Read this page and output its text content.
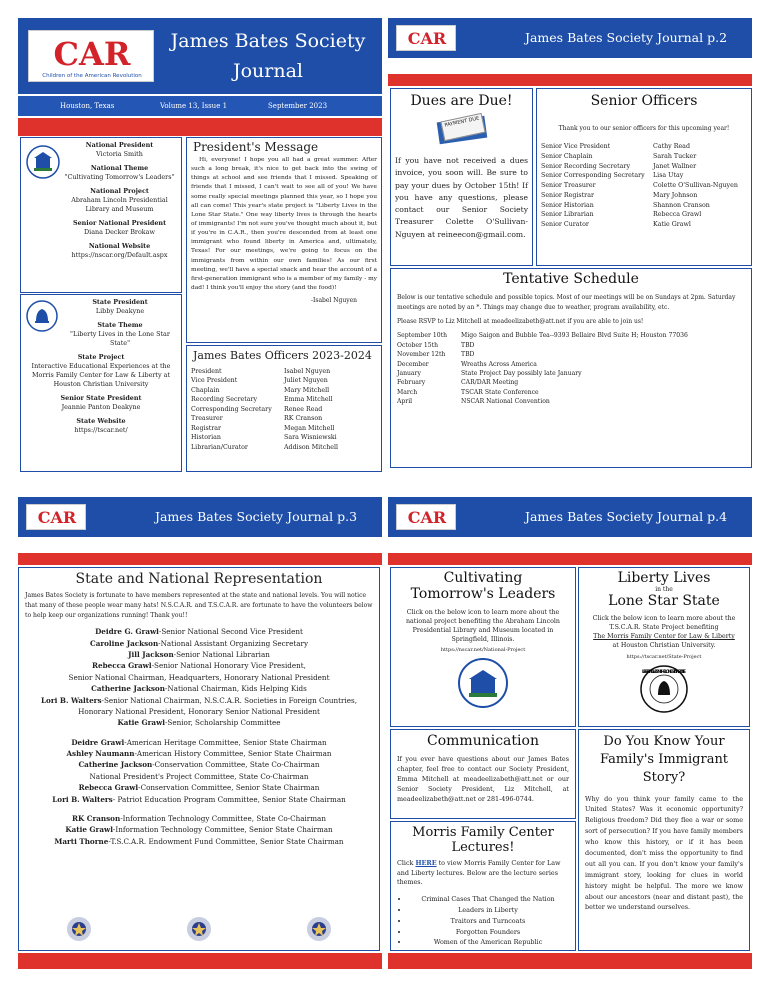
CAR
Children of the American Revolution
James Bates Society
Journal
Houston, Texas	Volume 13, Issue 1	September 2023
National President
Victoria Smith
National Theme
"Cultivating Tomorrow's Leaders"
National Project
Abraham Lincoln Presidential Library and Museum
Senior National President
Diana Decker Brokaw
National Website
https://nscar.org/Default.aspx
State President
Libby Deakyne
State Theme
"Liberty Lives in the Lone Star State"
State Project
Interactive Educational Experiences at the Morris Family Center for Law & Liberty at Houston Christian University
Senior State President
Jeannie Panton Deakyne
State Website
https://tscar.net/
President's Message
Hi, everyone! I hope you all had a great summer. After such a long break, it's nice to get back into the swing of things at school and see friends that I missed. Speaking of friends that I missed, I can't wait to see all of you! We have some really special meetings planned this year, so I hope you all can come! This year's state project is "Liberty Lives in the Lone Star State." One way liberty lives is through the hearts of immigrants! I'm not sure you've thought much about it, but if you're in C.A.R., then you're descended from at least one immigrant who found liberty in America and, ultimately, Texas! For our meetings, we're going to focus on the immigrants from within our own families! As our first meeting, we'll have a special snack and hear the account of a first-generation immigrant who is a member of my family - my dad! I think you'll enjoy the story (and the food)!
-Isabel Nguyen
James Bates Officers 2023-2024
President	Isabel Nguyen
Vice President	Juliet Nguyen
Chaplain	Mary Mitchell
Recording Secretary	Emma Mitchell
Corresponding Secretary	Renee Read
Treasurer	RK Cranson
Registrar	Megan Mitchell
Historian	Sara Wisniewski
Librarian/Curator	Addison Mitchell
James Bates Society Journal p.2
CAR
Dues are Due!
PAYMENT DUE
If you have not received a dues invoice, you soon will. Be sure to pay your dues by October 15th! If you have any questions, please contact our Senior Society Treasurer Colette O'Sullivan-Nguyen at reineecon@gmail.com.
Senior Officers
Thank you to our senior officers for this upcoming year!
Senior Vice President	Cathy Read
Senior Chaplain	Sarah Tucker
Senior Recording Secretary	Janet Wallner
Senior Corresponding Secretary	Lisa Utay
Senior Treasurer	Colette O'Sullivan-Nguyen
Senior Registrar	Mary Johnson
Senior Historian	Shannon Cranson
Senior Librarian	Rebecca Grawl
Senior Curator	Katie Grawl
Tentative Schedule
Below is our tentative schedule and possible topics. Most of our meetings will be on Sundays at 2pm. Saturday meetings are noted by an *. Things may change due to weather, program availability, etc.
Please RSVP to Liz Mitchell at meadeelizabeth@att.net if you are able to join us!
September 10th	Migo Saigon and Bubble Tea--9393 Bellaire Blvd Suite H; Houston 77036
October 15th	TBD
November 12th	TBD
December	Wreaths Across America
January	State Project Day possibly late January
February	CAR/DAR Meeting
March	TSCAR State Conference
April	NSCAR National Convention
James Bates Society Journal p.3
CAR
State and National Representation
James Bates Society is fortunate to have members represented at the state and national levels. You will notice that many of these people wear many hats! N.S.C.A.R. and T.S.C.A.R. are fortunate to have the volunteers below to help keep our organizations running! Thank you!!
Deidre G. Grawl-Senior National Second Vice President
Caroline Jackson-National Assistant Organizing Secretary
Jill Jackson-Senior National Librarian
Rebecca Grawl-Senior National Honorary Vice President,
Senior National Chairman, Headquarters, Honorary National President
Catherine Jackson-National Chairman, Kids Helping Kids
Lori B. Walters-Senior National Chairman, N.S.C.A.R. Societies in Foreign Countries,
Honorary National President, Honorary Senior National President
Katie Grawl-Senior, Scholarship Committee
Deidre Grawl-American Heritage Committee, Senior State Chairman
Ashley Naumann-American History Committee, Senior State Chairman
Catherine Jackson-Conservation Committee, State Co-Chairman
National President's Project Committee, State Co-Chairman
Rebecca Grawl-Conservation Committee, Senior State Chairman
Lori B. Walters- Patriot Education Program Committee, Senior State Chairman
RK Cranson-Information Technology Committee, State Co-Chairman
Katie Grawl-Information Technology Committee, Senior State Chairman
Marti Thorne-T.S.C.A.R. Endowment Fund Committee, Senior State Chairman
James Bates Society Journal p.4
CAR
Cultivating
Tomorrow's Leaders
Click on the below icon to learn more about the national project benefiting the Abraham Lincoln Presidential Library and Museum located in Springfield, Illinois.
https://nscar.net/National-Project
Liberty Lives
in the
Lone Star State
Click the below icon to learn more about the T.S.C.A.R. State Project benefiting
The Morris Family Center for Law & Liberty
at Houston Christian University.
https://tscar.net/State-Project
LIBERTY LIVES IN THE LONE STAR STATE
Communication
If you ever have questions about our James Bates chapter, feel free to contact our Society President, Emma Mitchell at meadeelizabeth@att.net or our Senior Society President, Liz Mitchell, at meadeelizabeth@att.net or 281-496-0744.
Morris Family Center Lectures!
Click HERE to view Morris Family Center for Law and Liberty lectures. Below are the lecture series themes.
• Criminal Cases That Changed the Nation
• Leaders in Liberty
• Traitors and Turncoats
• Forgotten Founders
• Women of the American Republic
Do You Know Your Family's Immigrant Story?
Why do you think your family came to the United States? Was it economic opportunity? Religious freedom? Did they flee a war or some sort of persecution? If you have family members who know this history, or if it has been documented, don't miss the opportunity to find out all you can. If you don't know your family's immigrant story, looking for clues in world history might be helpful. The more we know about our ancestors (near and distant past), the better we understand ourselves.
